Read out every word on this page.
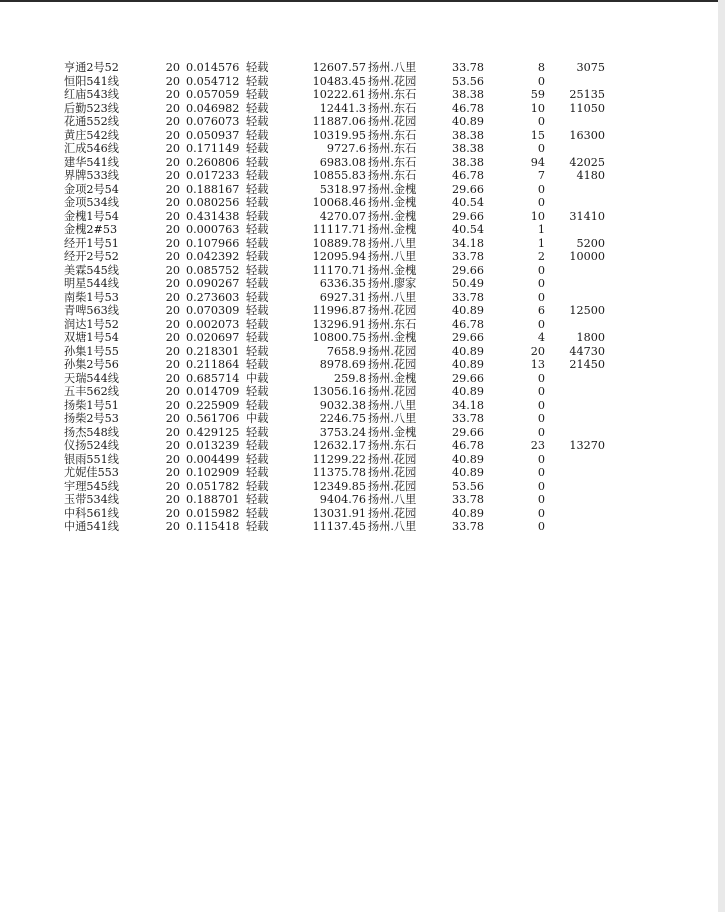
亨通2号52	20 0.014576 轻载	12607.57 扬州.八里	33.78	8	3075
恒阳541线	20 0.054712 轻载	10483.45 扬州.花园	53.56	0
红庙543线	20 0.057059 轻载	10222.61 扬州.东石	38.38	59	25135
后勤523线	20 0.046982 轻载	12441.3 扬州.东石	46.78	10	11050
花通552线	20 0.076073 轻载	11887.06 扬州.花园	40.89	0
黄庄542线	20 0.050937 轻载	10319.95 扬州.东石	38.38	15	16300
汇成546线	20 0.171149 轻载	9727.6 扬州.东石	38.38	0
建华541线	20 0.260806 轻载	6983.08 扬州.东石	38.38	94	42025
界牌533线	20 0.017233 轻载	10855.83 扬州.东石	46.78	7	4180
金项2号54	20 0.188167 轻载	5318.97 扬州.金槐	29.66	0
金项534线	20 0.080256 轻载	10068.46 扬州.金槐	40.54	0
金槐1号54	20 0.431438 轻载	4270.07 扬州.金槐	29.66	10	31410
金槐2#53	20 0.000763 轻载	11117.71 扬州.金槐	40.54	1
经开1号51	20 0.107966 轻载	10889.78 扬州.八里	34.18	1	5200
经开2号52	20 0.042392 轻载	12095.94 扬州.八里	33.78	2	10000
美霖545线	20 0.085752 轻载	11170.71 扬州.金槐	29.66	0
明星544线	20 0.090267 轻载	6336.35 扬州.廖家	50.49	0
南柴1号53	20 0.273603 轻载	6927.31 扬州.八里	33.78	0
青啤563线	20 0.070309 轻载	11996.87 扬州.花园	40.89	6	12500
润达1号52	20 0.002073 轻载	13296.91 扬州.东石	46.78	0
双塘1号54	20 0.020697 轻载	10800.75 扬州.金槐	29.66	4	1800
孙集1号55	20 0.218301 轻载	7658.9 扬州.花园	40.89	20	44730
孙集2号56	20 0.211864 轻载	8978.69 扬州.花园	40.89	13	21450
天瑞544线	20 0.685714 中载	259.8 扬州.金槐	29.66	0
五丰562线	20 0.014709 轻载	13056.16 扬州.花园	40.89	0
扬柴1号51	20 0.225909 轻载	9032.38 扬州.八里	34.18	0
扬柴2号53	20 0.561706 中载	2246.75 扬州.八里	33.78	0
扬杰548线	20 0.429125 轻载	3753.24 扬州.金槐	29.66	0
仪扬524线	20 0.013239 轻载	12632.17 扬州.东石	46.78	23	13270
银雨551线	20 0.004499 轻载	11299.22 扬州.花园	40.89	0
尤妮佳553	20 0.102909 轻载	11375.78 扬州.花园	40.89	0
宇理545线	20 0.051782 轻载	12349.85 扬州.花园	53.56	0
玉带534线	20 0.188701 轻载	9404.76 扬州.八里	33.78	0
中科561线	20 0.015982 轻载	13031.91 扬州.花园	40.89	0
中通541线	20 0.115418 轻载	11137.45 扬州.八里	33.78	0
